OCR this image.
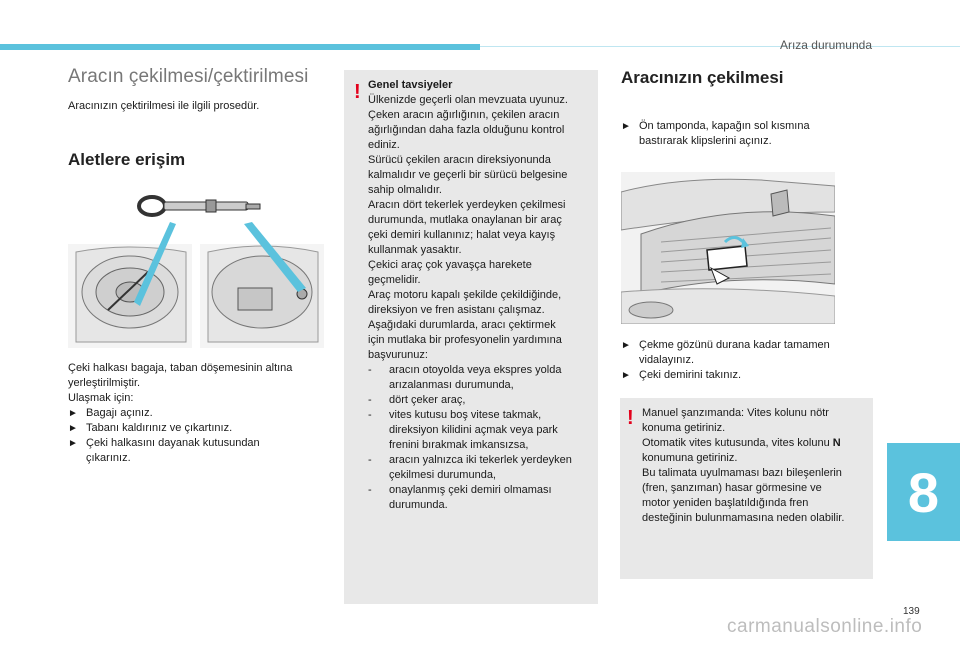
Arıza durumunda
Aracın çekilmesi/çektirilmesi
Aracınızın çektirilmesi ile ilgili prosedür.
Aletlere erişim
Çeki halkası bagaja, taban döşemesinin altına
yerleştirilmiştir.
Ulaşmak için:
► Bagajı açınız.
► Tabanı kaldırınız ve çıkartınız.
► Çeki halkasını dayanak kutusundan
çıkarınız.
! Genel tavsiyeler
Ülkenizde geçerli olan mevzuata uyunuz.
Çeken aracın ağırlığının, çekilen aracın
ağırlığından daha fazla olduğunu kontrol
ediniz.
Sürücü çekilen aracın direksiyonunda
kalmalıdır ve geçerli bir sürücü belgesine
sahip olmalıdır.
Aracın dört tekerlek yerdeyken çekilmesi
durumunda, mutlaka onaylanan bir araç
çeki demiri kullanınız; halat veya kayış
kullanmak yasaktır.
Çekici araç çok yavaşça harekete
geçmelidir.
Araç motoru kapalı şekilde çekildiğinde,
direksiyon ve fren asistanı çalışmaz.
Aşağıdaki durumlarda, aracı çektirmek
için mutlaka bir profesyonelin yardımına
başvurunuz:
- aracın otoyolda veya ekspres yolda
arızalanması durumunda,
- dört çeker araç,
- vites kutusu boş vitese takmak,
direksiyon kilidini açmak veya park
frenini bırakmak imkansızsa,
- aracın yalnızca iki tekerlek yerdeyken
çekilmesi durumunda,
- onaylanmış çeki demiri olmaması
durumunda.
Aracınızın çekilmesi
► Ön tamponda, kapağın sol kısmına
bastırarak klipslerini açınız.
► Çekme gözünü durana kadar tamamen
vidalayınız.
► Çeki demirini takınız.
! Manuel şanzımanda: Vites kolunu nötr
konuma getiriniz.
Otomatik vites kutusunda, vites kolunu N
konumuna getiriniz.
Bu talimata uyulmaması bazı bileşenlerin
(fren, şanzıman) hasar görmesine ve
motor yeniden başlatıldığında fren
desteğinin bulunmamasına neden olabilir.	8
139
carmanualsonline.info
